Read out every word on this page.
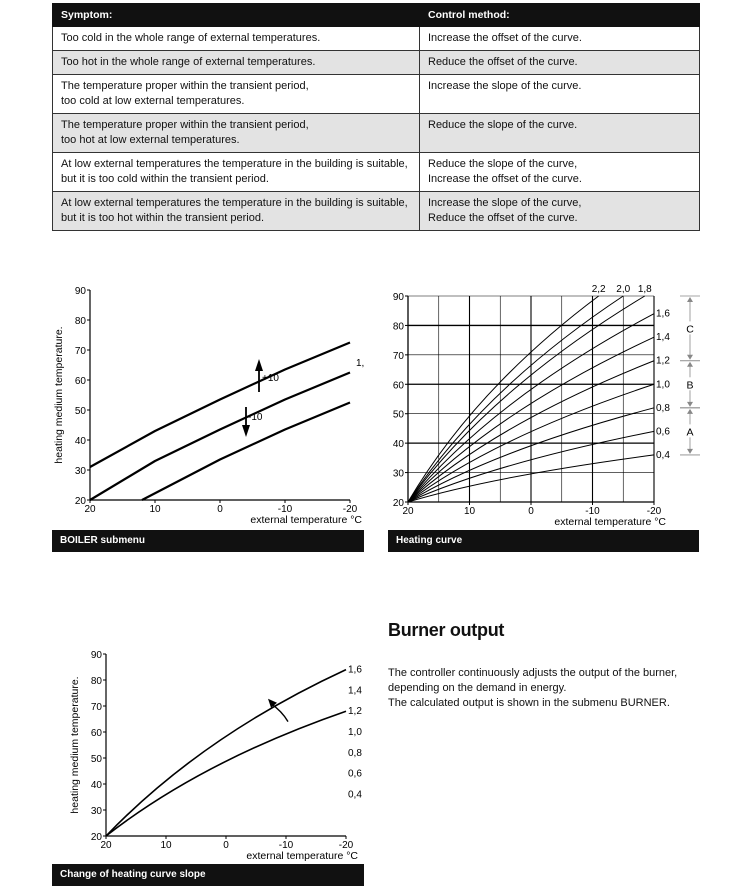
Symptom:	Control method:

Too cold in the whole range of external temperatures.	Increase the offset of the curve.

Too hot in the whole range of external temperatures.	Reduce the offset of the curve.

The temperature proper within the transient period,
too cold at low external temperatures.	Increase the slope of the curve.

The temperature proper within the transient period,
too hot at low external temperatures.	Reduce the slope of the curve.

At low external temperatures the temperature in the building is suitable,
but it is too cold within the transient period.	Reduce the slope of the curve,
Increase the offset of the curve.

At low external temperatures the temperature in the building is suitable,
but it is too hot within the transient period.	Increase the slope of the curve,
Reduce the offset of the curve.
20
30
40
50
60
70
80
90
20	10	0	-10	-20
external temperature °C
heating medium temperature.	1,
+10
-10
BOILER submenu
20
30
40
50
60
70
80
90
20	10	0	-10	-20
external temperature °C
2,2 2,0 1,8
1,6
1,4
1,2
1,0
0,8
0,6
0,4
C
B
A
Heating curve
20
30
40
50
60
70
80
90
20	10	0	-10	-20
external temperature °C
heating medium temperature.
1,6
1,4
1,2
1,0
0,8
0,6
0,4
Change of heating curve slope
Burner output
The controller continuously adjusts the output of the burner,
depending on the demand in energy.
The calculated output is shown in the submenu BURNER.
